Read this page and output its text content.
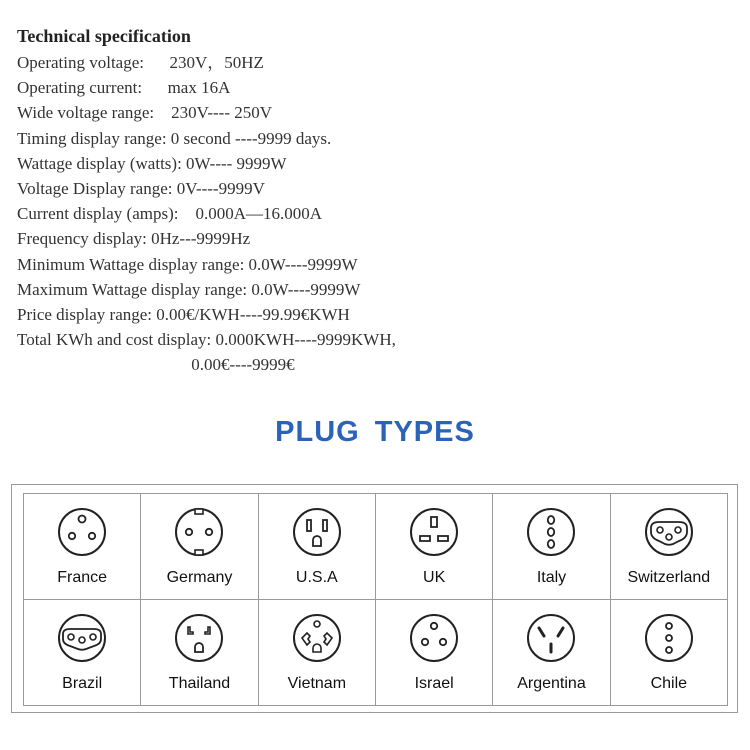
Technical specification
Operating voltage:      230V，50HZ
Operating current:      max 16A
Wide voltage range:    230V---- 250V
Timing display range: 0 second ----9999 days.
Wattage display (watts): 0W---- 9999W
Voltage Display range: 0V----9999V
Current display (amps):    0.000A—16.000A
Frequency display: 0Hz---9999Hz
Minimum Wattage display range: 0.0W----9999W
Maximum Wattage display range: 0.0W----9999W
Price display range: 0.00€/KWH----99.99€KWH
Total KWh and cost display: 0.000KWH----9999KWH,
0.00€----9999€
PLUG TYPES
France	Germany	U.S.A	UK	Italy	Switzerland
Brazil	Thailand	Vietnam	Israel	Argentina	Chile
